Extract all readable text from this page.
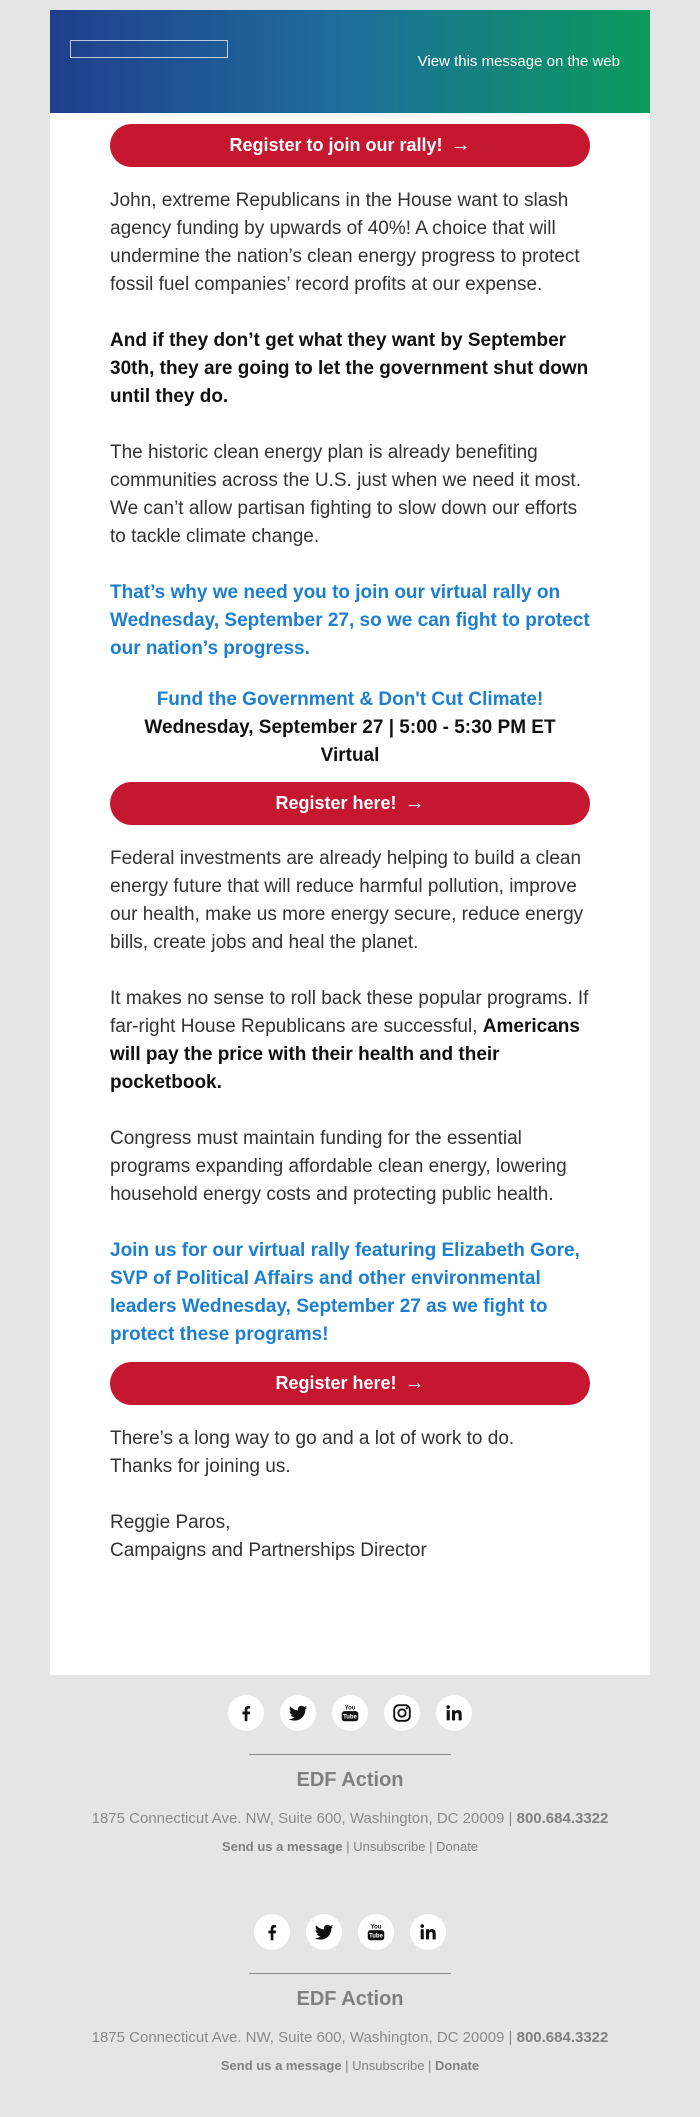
View this message on the web
Register to join our rally! →

John, extreme Republicans in the House want to slash agency funding by upwards of 40%! A choice that will undermine the nation’s clean energy progress to protect fossil fuel companies’ record profits at our expense.

And if they don’t get what they want by September 30th, they are going to let the government shut down until they do.

The historic clean energy plan is already benefiting communities across the U.S. just when we need it most. We can’t allow partisan fighting to slow down our efforts to tackle climate change.

That’s why we need you to join our virtual rally on Wednesday, September 27, so we can fight to protect our nation’s progress.

Fund the Government & Don't Cut Climate!
Wednesday, September 27 | 5:00 - 5:30 PM ET
Virtual
Register here! →

Federal investments are already helping to build a clean energy future that will reduce harmful pollution, improve our health, make us more energy secure, reduce energy bills, create jobs and heal the planet.

It makes no sense to roll back these popular programs. If far-right House Republicans are successful, Americans will pay the price with their health and their pocketbook.

Congress must maintain funding for the essential programs expanding affordable clean energy, lowering household energy costs and protecting public health.

Join us for our virtual rally featuring Elizabeth Gore, SVP of Political Affairs and other environmental leaders Wednesday, September 27 as we fight to protect these programs!

Register here! →

There’s a long way to go and a lot of work to do.
Thanks for joining us.

Reggie Paros,
Campaigns and Partnerships Director

You
Tube
EDF Action
1875 Connecticut Ave. NW, Suite 600, Washington, DC 20009 | 800.684.3322
Send us a message | Unsubscribe | Donate
You
Tube
EDF Action
1875 Connecticut Ave. NW, Suite 600, Washington, DC 20009 | 800.684.3322
Send us a message | Unsubscribe | Donate
